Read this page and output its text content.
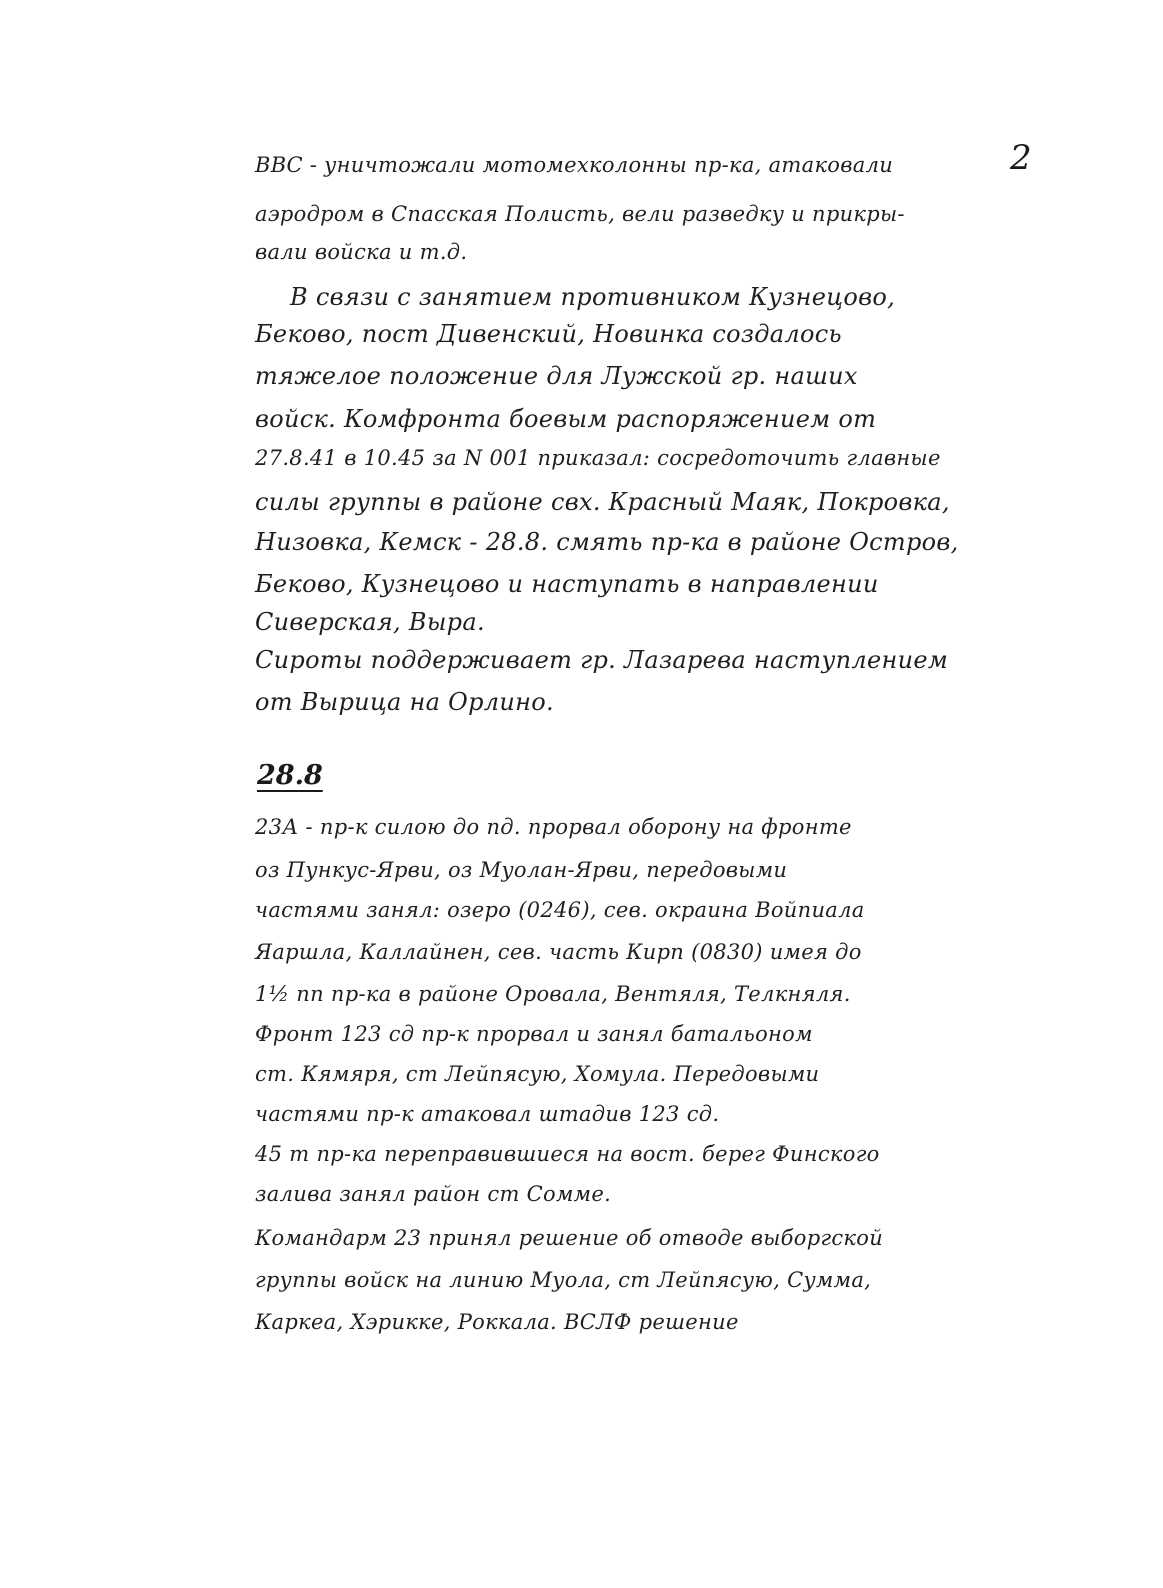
2
ВВС - уничтожали мотомехколонны пр-ка, атаковали
аэродром в Спасская Полисть, вели разведку и прикры-
вали войска и т.д.
В связи с занятием противником Кузнецово,
Беково, пост Дивенский, Новинка создалось
тяжелое положение для Лужской гр. наших
войск. Комфронта боевым распоряжением от
27.8.41 в 10.45 за N 001 приказал: сосредоточить главные
силы группы в районе свх. Красный Маяк, Покровка,
Низовка, Кемск - 28.8. смять пр-ка в районе Остров,
Беково, Кузнецово и наступать в направлении
Сиверская, Выра.
Сироты поддерживает гр. Лазарева наступлением
от Вырица на Орлино.
28.8
23А - пр-к силою до пд. прорвал оборону на фронте
оз Пункус-Ярви, оз Муолан-Ярви, передовыми
частями занял: озеро (0246), сев. окраина Войпиала
Яаршла, Каллайнен, сев. часть Кирп (0830) имея до
1½ пп пр-ка в районе Оровала, Вентяля, Телкняля.
Фронт 123 сд пр-к прорвал и занял батальоном
ст. Кямяря, ст Лейпясую, Хомула. Передовыми
частями пр-к атаковал штадив 123 сд.
45 т пр-ка переправившиеся на вост. берег Финского
залива занял район ст Сомме.
Командарм 23 принял решение об отводе выборгской
группы войск на линию Муола, ст Лейпясую, Суммa,
Каркеа, Хэрикке, Роккала. ВСЛФ решение
